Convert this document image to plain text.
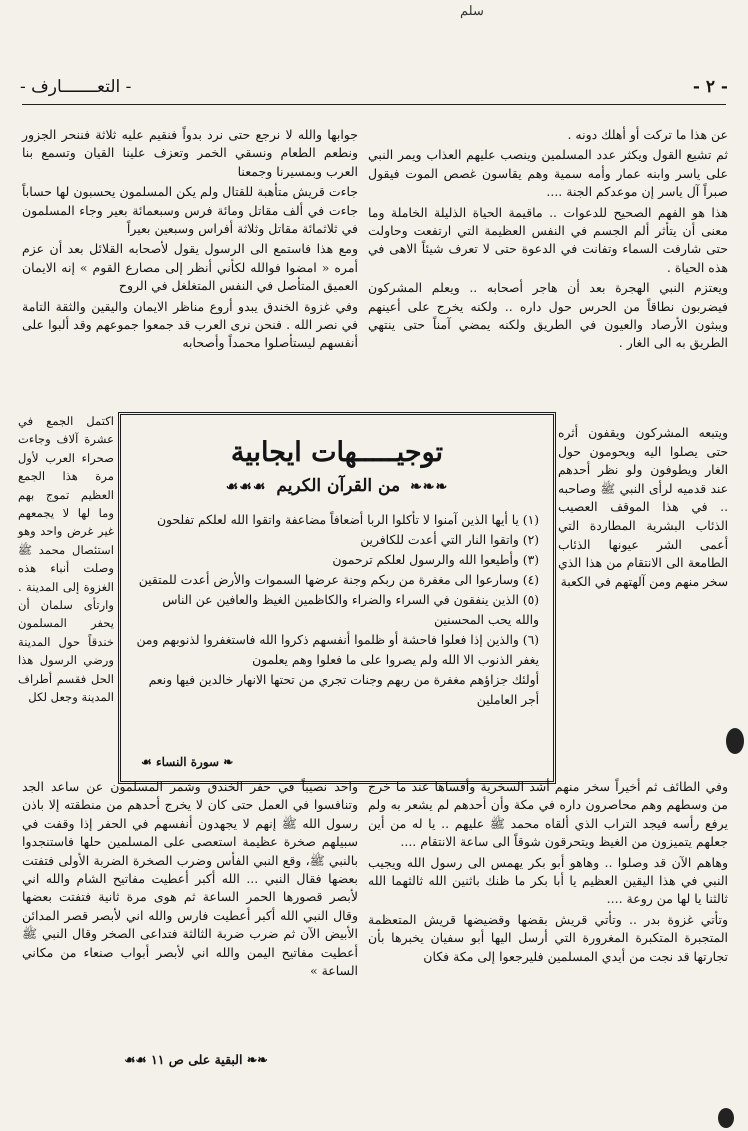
سلم
- التعـــــــارف -	- ٢ -

عن هذا ما تركت أو أهلك دونه .

ثم تشيع القول ويكثر عدد المسلمين وينصب عليهم العذاب ويمر النبي على ياسر وابنه عمار وأمه سمية وهم يقاسون غصص الموت فيقول صبراً آل ياسر إن موعدكم الجنة ....

هذا هو الفهم الصحيح للدعوات .. ماقيمة الحياة الذليلة الخاملة وما معنى أن يتأثر ألم الجسم في النفس العظيمة التي ارتفعت وحاولت حتى شارفت السماء وتفانت في الدعوة حتى لا تعرف شيئاً الاهى في هذه الحياة .

ويعتزم النبي الهجرة بعد أن هاجر أصحابه .. ويعلم المشركون فيضربون نطاقاً من الحرس حول داره .. ولكنه يخرج على أعينهم ويبثون الأرصاد والعيون في الطريق ولكنه يمضي آمناً حتى ينتهي الطريق به الى الغار .

جوابها والله لا نرجع حتى نرد بدواً فنقيم عليه ثلاثة فننحر الجزور ونطعم الطعام ونسقي الخمر وتعزف علينا القيان وتسمع بنا العرب وبمسيرنا وجمعنا

جاءت قريش متأهبة للقتال ولم يكن المسلمون يحسبون لها حساباً جاءت في ألف مقاتل ومائة فرس وسبعمائة بعير وجاء المسلمون في ثلاثمائة مقاتل وثلاثة أفراس وسبعين بعيراً

ومع هذا فاستمع الى الرسول يقول لأصحابه القلائل بعد أن عزم أمره « امضوا فوالله لكأني أنظر إلى مصارع القوم » إنه الايمان العميق المتأصل في النفس المتغلغل في الروح

وفي غزوة الخندق يبدو أروع مناظر الايمان واليقين والثقة التامة في نصر الله . فنحن نرى العرب قد جمعوا جموعهم وقد ألبوا على أنفسهم ليستأصلوا محمداً وأصحابه

ويتبعه المشركون ويقفون أثره حتى يصلوا اليه ويحومون حول الغار ويطوفون ولو نظر أحدهم عند قدميه لرأى النبي ﷺ وصاحبه .. في هذا الموقف العصيب الذئاب البشرية المطاردة التي أعمى الشر عيونها الذئاب الطامعة الى الانتقام من هذا الذي سخر منهم ومن آلهتهم في الكعبة

اكتمل الجمع في عشرة آلاف وجاءت صحراء العرب لأول مرة هذا الجمع العظيم تموج بهم وما لها لا يجمعهم غير غرض واحد وهو استئصال محمد ﷺ وصلت أنباء هذه الغزوة إلى المدينة . وارتأى سلمان أن يحفر المسلمون خندقاً حول المدينة ورضي الرسول هذا الحل فقسم أطراف المدينة وجعل لكل

توجيـــــهات ايجابية
❧❧❧من القرآن الكريم☙☙☙

(١) يا أيها الذين آمنوا لا تأكلوا الربا أضعافاً مضاعفة واتقوا الله لعلكم تفلحون

(٢) واتقوا النار التي أعدت للكافرين

(٣) وأطيعوا الله والرسول لعلكم ترحمون

(٤) وسارعوا الى مغفرة من ربكم وجنة عرضها السموات والأرض أعدت للمتقين

(٥) الذين ينفقون في السراء والضراء والكاظمين الغيظ والعافين عن الناس والله يحب المحسنين

(٦) والذين إذا فعلوا فاحشة أو ظلموا أنفسهم ذكروا الله فاستغفروا لذنوبهم ومن يغفر الذنوب الا الله ولم يصروا على ما فعلوا وهم يعلمون

أولئك جزاؤهم مغفرة من ربهم وجنات تجري من تحتها الانهار خالدين فيها ونعم أجر العاملين

❧ سورة النساء ☙

وفي الطائف ثم أخيراً سخر منهم أشد السخرية وأقساها عند ما خرج من وسطهم وهم محاصرون داره في مكة وأن أحدهم لم يشعر به ولم يرفع رأسه فيجد التراب الذي ألقاه محمد ﷺ عليهم .. يا له من أين جعلهم يتميزون من الغيظ ويتحرقون شوقاً الى ساعة الانتقام ....

وهاهم الآن قد وصلوا .. وهاهو أبو بكر يهمس الى رسول الله ويجيب النبي في هذا اليقين العظيم يا أبا بكر ما ظنك باثنين الله ثالثهما الله ثالثنا يا لها من روعة ....

وتأتي غزوة بدر .. وتأتي قريش بقضها وقضيضها قريش المتعظمة المتجبرة المتكبرة المغرورة التي أرسل اليها أبو سفيان يخبرها بأن تجارتها قد نجت من أيدي المسلمين فليرجعوا إلى مكة فكان

واحد نصيباً في حفر الخندق وشمر المسلمون عن ساعد الجد وتنافسوا في العمل حتى كان لا يخرج أحدهم من منطقته إلا باذن رسول الله ﷺ إنهم لا يجهدون أنفسهم في الحفر إذا وقفت في سبيلهم صخرة عظيمة استعصى على المسلمين حلها فاستنجدوا بالنبي ﷺ، وقع النبي الفأس وضرب الصخرة الضربة الأولى فتفتت بعضها فقال النبي ... الله أكبر أعطيت مفاتيح الشام والله اني لأبصر قصورها الحمر الساعة ثم هوى مرة ثانية فتفتت بعضها وقال النبي الله أكبر أعطيت فارس والله اني لأبصر قصر المدائن الأبيض الآن ثم ضرب ضربة الثالثة فتداعى الصخر وقال النبي ﷺ أعطيت مفاتيح اليمن والله اني لأبصر أبواب صنعاء من مكاني الساعة »

❧❧ البقية على ص ١١ ☙☙
